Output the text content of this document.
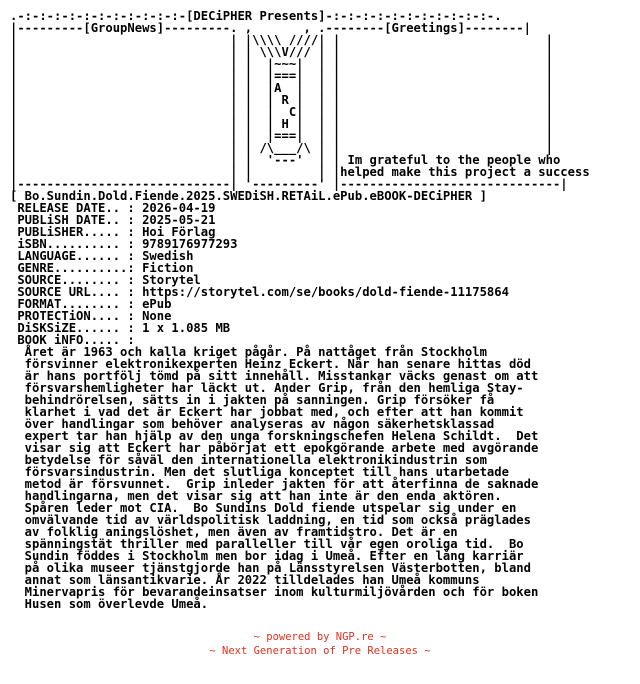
.-:-:-:-:-:-:-:-:-:-:-:-[DECiPHER Presents]-:-:-:-:-:-:-:-:-:-:-:-.
|---------[GroupNews]---------. ,       , .--------[Greetings]--------|
|                             | |\\\\ ////| |                            |
|                             | | \\\V/// | |                            |
|                             | |  |~~~|  | |                            |
|                             | |  |===|  | |                            |
|                             | |  |A  |  | |                            |
|                             | |  | R |  | |                            |
|                             | |  |  C|  | |                            |
|                             | |  | H |  | |                            |
|                             | |  |===|  | |                            |
|                             | | /\___/\ | |                            |
|                             | |  '---'  | | Im grateful to the people who
|                             | |         | |helped make this project a success
|-----------------------------| '---------' |------------------------------|
[ Bo.Sundin.Dold.Fiende.2025.SWEDiSH.RETAiL.ePub.eBOOK-DECiPHER ]
RELEASE DATE.. : 2026-04-19
PUBLiSH DATE.. : 2025-05-21
PUBLiSHER..... : Hoi Förlag
iSBN.......... : 9789176977293
LANGUAGE...... : Swedish
GENRE..........: Fiction
SOURCE........ : Storytel
SOURCE URL.... : https://storytel.com/se/books/dold-fiende-11175864
FORMAT........ : ePub
PROTECTiON.... : None
DiSKSiZE...... : 1 x 1.085 MB
BOOK iNFO..... :
Året är 1963 och kalla kriget pågår. På nattåget från Stockholm
försvinner elektronikexperten Heinz Eckert. När han senare hittas död
är hans portfölj tömd på sitt innehåll. Misstankar väcks genast om att
försvarshemligheter har läckt ut. Ander Grip, från den hemliga Stay-
behindrörelsen, sätts in i jakten på sanningen. Grip försöker få
klarhet i vad det är Eckert har jobbat med, och efter att han kommit
över handlingar som behöver analyseras av någon säkerhetsklassad
expert tar han hjälp av den unga forskningschefen Helena Schildt.  Det
visar sig att Eckert har påbörjat ett epokgörande arbete med avgörande
betydelse för såväl den internationella elektronikindustrin som
försvarsindustrin. Men det slutliga konceptet till hans utarbetade
metod är försvunnet.  Grip inleder jakten för att återfinna de saknade
handlingarna, men det visar sig att han inte är den enda aktören.
Spåren leder mot CIA.  Bo Sundins Dold fiende utspelar sig under en
omvälvande tid av världspolitisk laddning, en tid som också präglades
av folklig aningslöshet, men även av framtidstro. Det är en
spänningstät thriller med paralleller till vår egen oroliga tid.  Bo
Sundin föddes i Stockholm men bor idag i Umeå. Efter en lång karriär
på olika museer tjänstgjorde han på Länsstyrelsen Västerbotten, bland
annat som länsantikvarie. År 2022 tilldelades han Umeå kommuns
Minervapris för bevarandeinsatser inom kulturmiljövården och för boken
Husen som överlevde Umeå.
~ powered by NGP.re ~
~ Next Generation of Pre Releases ~
